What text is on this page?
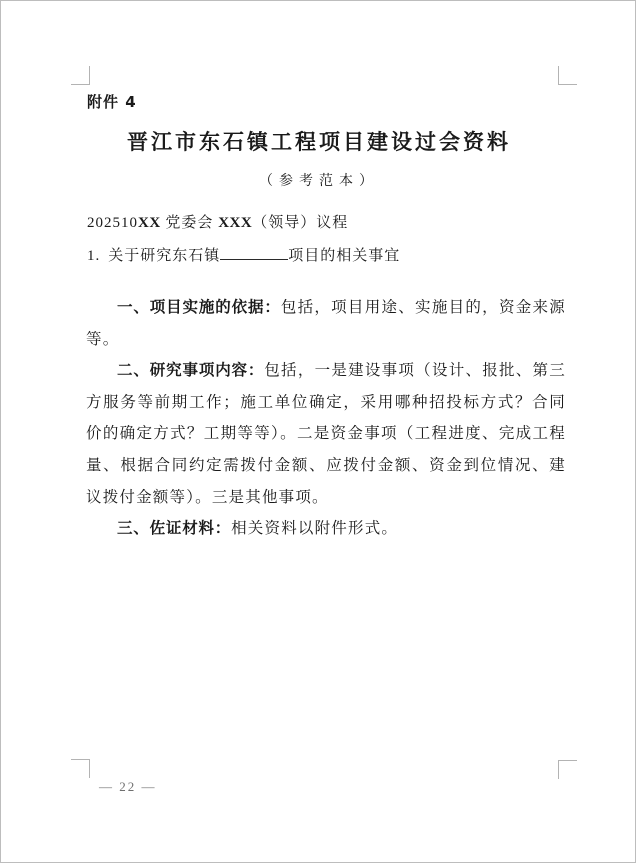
附件 4
晋江市东石镇工程项目建设过会资料
（参考范本）
202510XX 党委会 XXX（领导）议程
1. 关于研究东石镇	项目的相关事宜

一、项目实施的依据：包括，项目用途、实施目的，资金来源等。

二、研究事项内容：包括，一是建设事项（设计、报批、第三方服务等前期工作；施工单位确定，采用哪种招投标方式？合同价的确定方式？工期等等）。二是资金事项（工程进度、完成工程量、根据合同约定需拨付金额、应拨付金额、资金到位情况、建议拨付金额等）。三是其他事项。

三、佐证材料：相关资料以附件形式。

— 22 —
